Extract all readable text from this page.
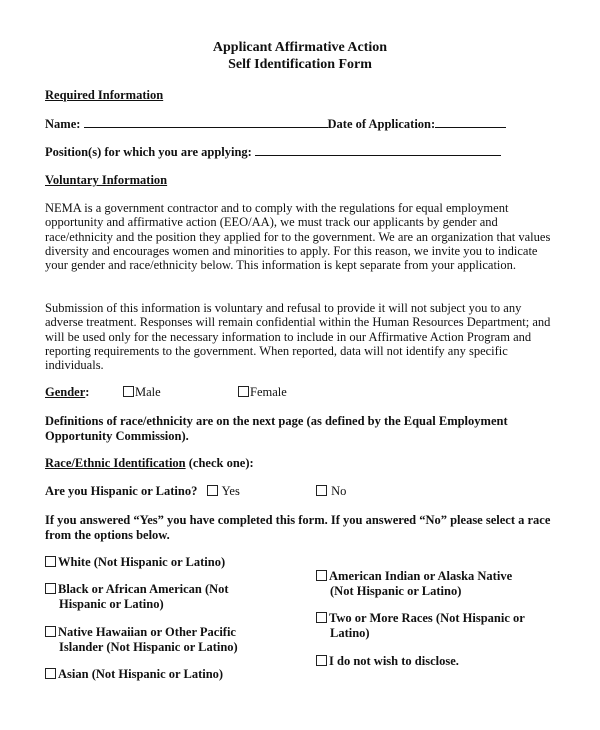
Applicant Affirmative Action
Self Identification Form
Required Information
Name:	Date of Application:
Position(s) for which you are applying:
Voluntary Information
NEMA is a government contractor and to comply with the regulations for equal employment opportunity and affirmative action (EEO/AA), we must track our applicants by gender and race/ethnicity and the position they applied for to the government. We are an organization that values diversity and encourages women and minorities to apply. For this reason, we invite you to indicate your gender and race/ethnicity below. This information is kept separate from your application.
Submission of this information is voluntary and refusal to provide it will not subject you to any adverse treatment. Responses will remain confidential within the Human Resources Department; and will be used only for the necessary information to include in our Affirmative Action Program and reporting requirements to the government. When reported, data will not identify any specific individuals.
Gender:	Male	Female
Definitions of race/ethnicity are on the next page (as defined by the Equal Employment Opportunity Commission).
Race/Ethnic Identification (check one):
Are you Hispanic or Latino?	Yes	No
If you answered “Yes” you have completed this form. If you answered “No” please select a race from the options below.
White (Not Hispanic or Latino)
Black or African American (Not
Hispanic or Latino)
Native Hawaiian or Other Pacific
Islander (Not Hispanic or Latino)
Asian (Not Hispanic or Latino)
American Indian or Alaska Native
(Not Hispanic or Latino)
Two or More Races (Not Hispanic or
Latino)
I do not wish to disclose.
